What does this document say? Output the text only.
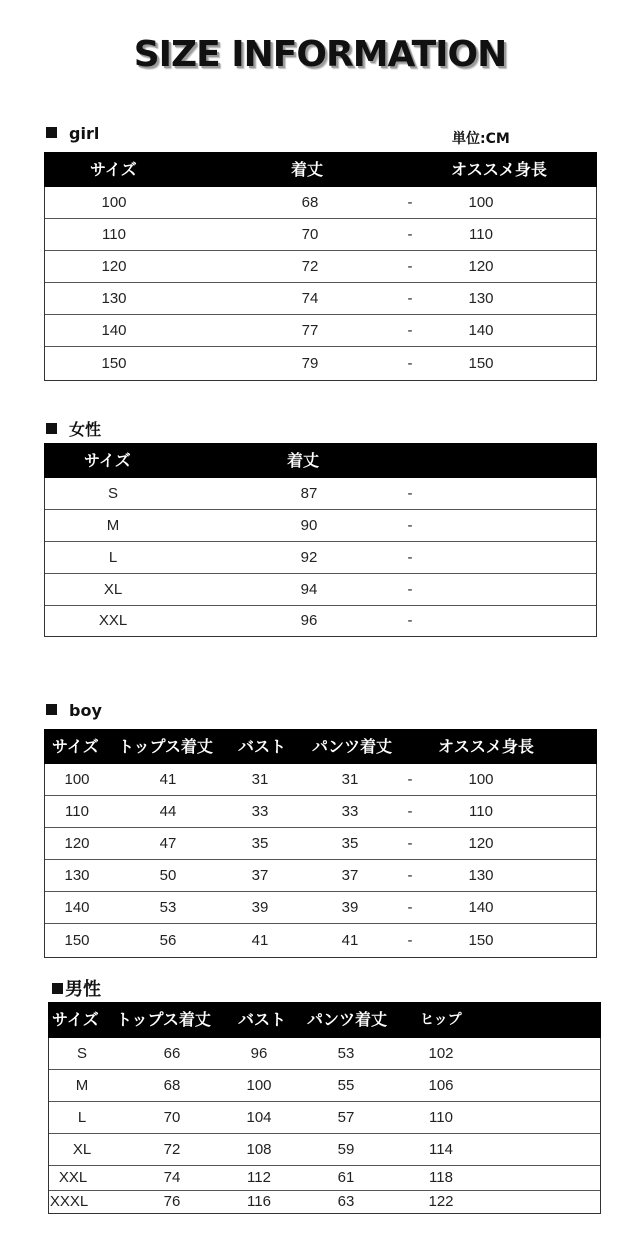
SIZE INFORMATION
girl	単位:CM
サイズ	着丈	オススメ身長
100	68	-	100
110	70	-	110
120	72	-	120
130	74	-	130
140	77	-	140
150	79	-	150
女性
サイズ	着丈
S	87	-
M	90	-
L	92	-
XL	94	-
XXL	96	-
boy
サイズ トップス着丈 バスト パンツ着丈	オススメ身長
100	41	31	31	-	100
110	44	33	33	-	110
120	47	35	35	-	120
130	50	37	37	-	130
140	53	39	39	-	140
150	56	41	41	-	150
男性
サイズ トップス着丈 バスト パンツ着丈 ヒップ
S	66	96	53	102
M	68	100	55	106
L	70	104	57	110
XL	72	108	59	114
XXL	74	112	61	118
XXXL	76	116	63	122
